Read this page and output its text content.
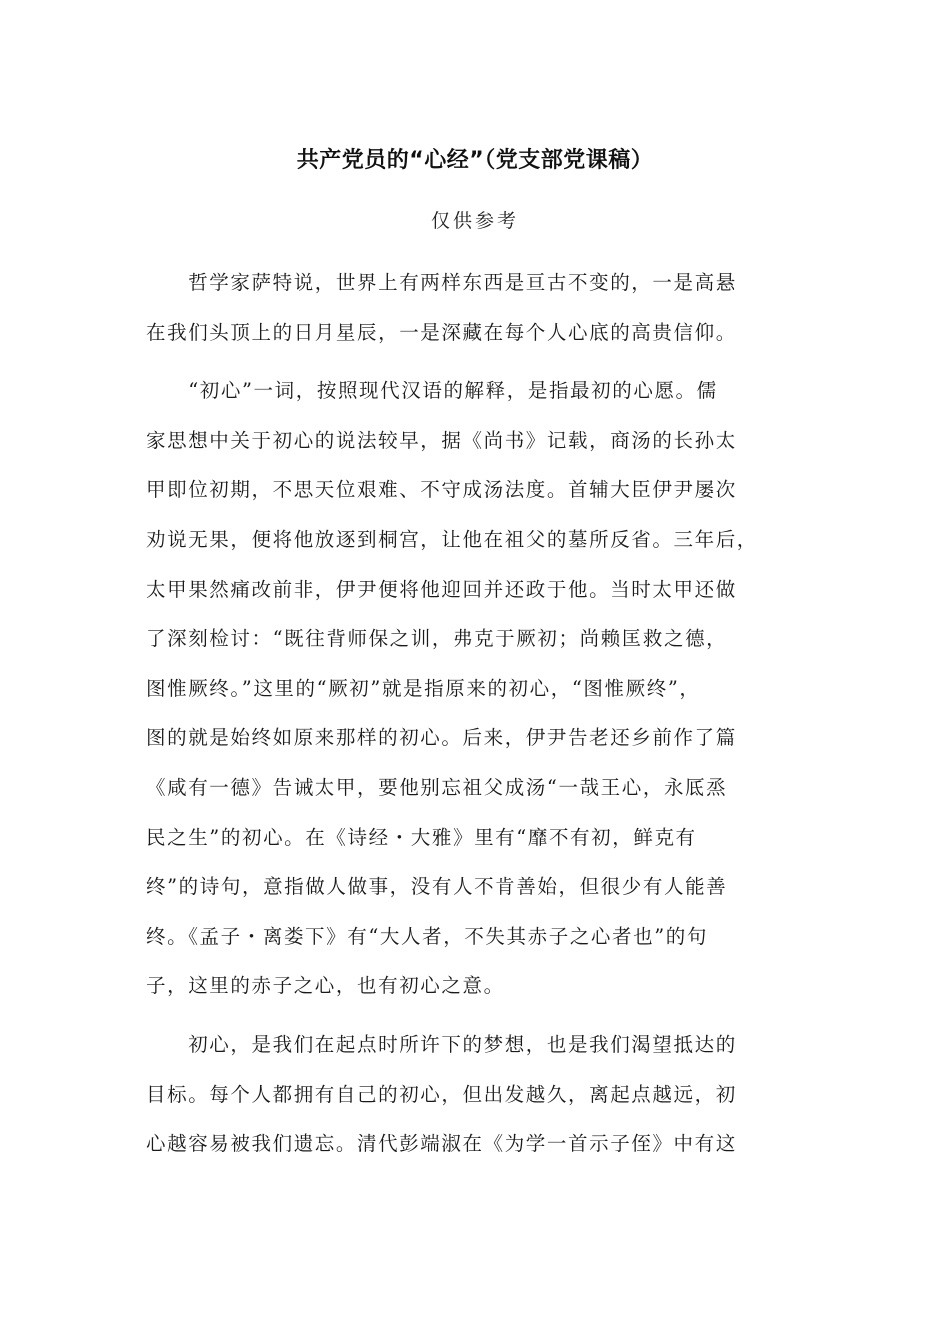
共产党员的“心经”（党支部党课稿）
仅供参考
　　哲学家萨特说，世界上有两样东西是亘古不变的，一是高悬
在我们头顶上的日月星辰，一是深藏在每个人心底的高贵信仰。
　　“初心”一词，按照现代汉语的解释，是指最初的心愿。儒
家思想中关于初心的说法较早，据《尚书》记载，商汤的长孙太
甲即位初期，不思天位艰难、不守成汤法度。首辅大臣伊尹屡次
劝说无果，便将他放逐到桐宫，让他在祖父的墓所反省。三年后，
太甲果然痛改前非，伊尹便将他迎回并还政于他。当时太甲还做
了深刻检讨：“既往背师保之训，弗克于厥初；尚赖匡救之德，
图惟厥终。”这里的“厥初”就是指原来的初心，“图惟厥终”，
图的就是始终如原来那样的初心。后来，伊尹告老还乡前作了篇
《咸有一德》告诫太甲，要他别忘祖父成汤“一哉王心，永厎烝
民之生”的初心。在《诗经・大雅》里有“靡不有初，鲜克有
终”的诗句，意指做人做事，没有人不肯善始，但很少有人能善
终。《孟子・离娄下》有“大人者，不失其赤子之心者也”的句
子，这里的赤子之心，也有初心之意。
　　初心，是我们在起点时所许下的梦想，也是我们渴望抵达的
目标。每个人都拥有自己的初心，但出发越久，离起点越远，初
心越容易被我们遗忘。清代彭端淑在《为学一首示子侄》中有这
